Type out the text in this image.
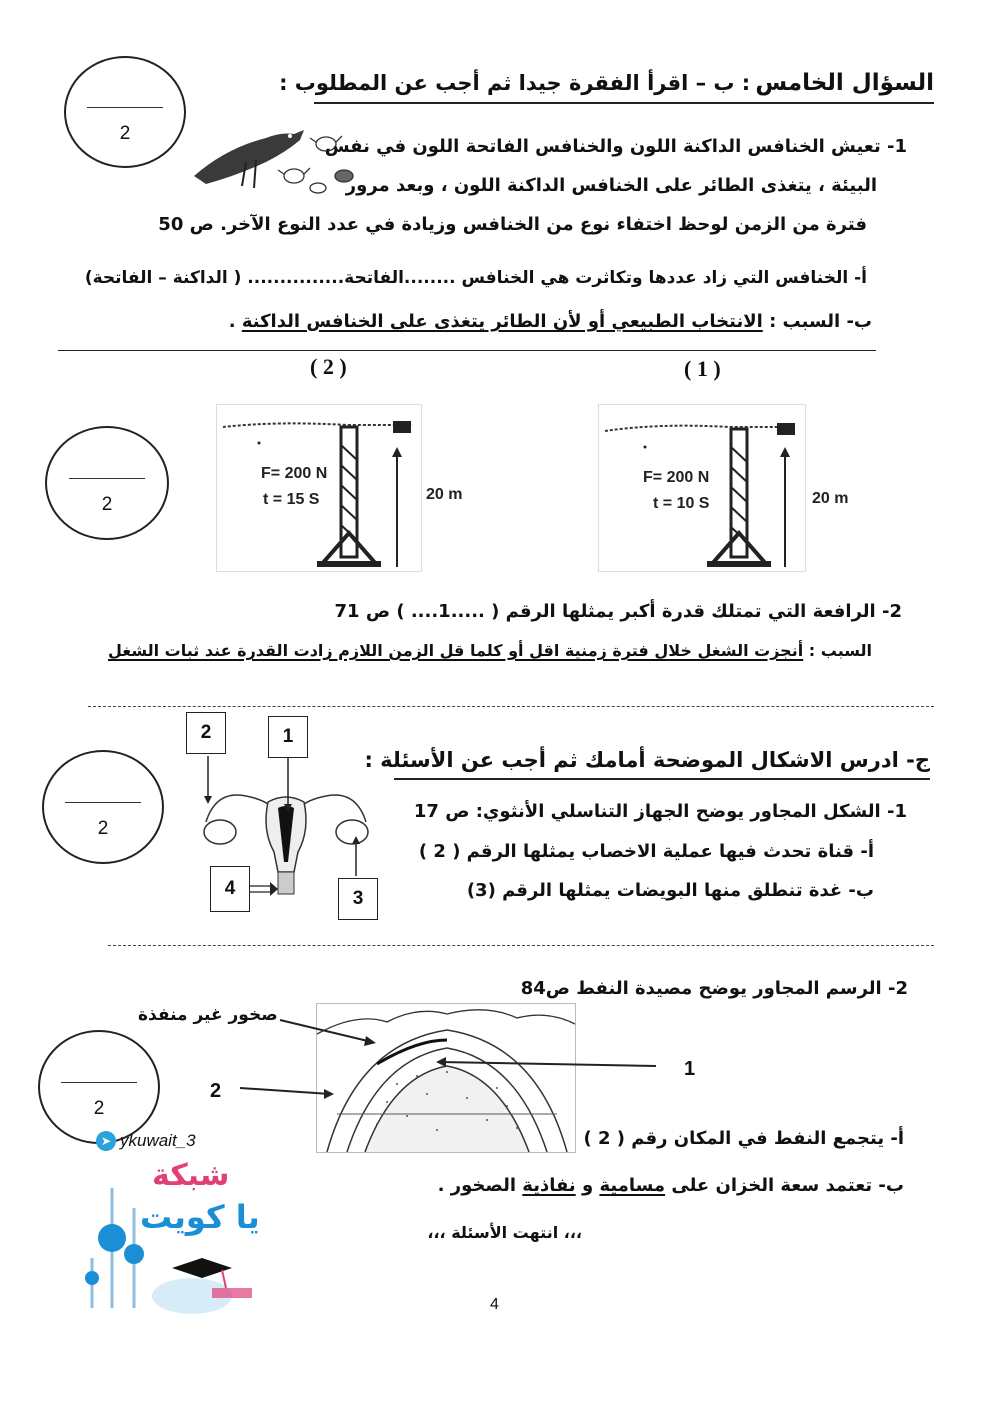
2
2
2
2
السؤال الخامس : ب – اقرأ الفقرة جيدا ثم أجب عن المطلوب :
1- تعيش الخنافس الداكنة اللون والخنافس الفاتحة اللون في نفس
البيئة ، يتغذى الطائر على الخنافس الداكنة اللون ، وبعد مرور
فترة من الزمن لوحظ اختفاء نوع من الخنافس وزيادة في عدد النوع الآخر. ص 50
أ- الخنافس التي زاد عددها وتكاثرت هي الخنافس ........الفاتحة............... ( الداكنة – الفاتحة)
ب- السبب : الانتخاب الطبيعي أو لأن الطائر يتغذى على الخنافس الداكنة .
( 2 )	( 1 )
F= 200 N
t = 15 S	20 m
F= 200 N
t = 10 S	20 m
2- الرافعة التي تمتلك قدرة أكبر يمثلها الرقم ( .....1.... ) ص 71
السبب : أنجزت الشغل خلال فترة زمنية اقل أو كلما قل الزمن اللازم زادت القدرة عند ثبات الشغل
ج- ادرس الاشكال الموضحة أمامك ثم أجب عن الأسئلة :
2	1
4	3
1- الشكل المجاور يوضح الجهاز التناسلي الأنثوي: ص 17
أ- قناة تحدث فيها عملية الاخصاب يمثلها الرقم ( 2 )
ب- غدة تنطلق منها البويضات يمثلها الرقم (3)
2- الرسم المجاور يوضح مصيدة النفط ص84
صخور غير منفذة
2
1
أ- يتجمع النفط في المكان رقم ( 2 )
ب- تعتمد سعة الخزان على مسامية و نفاذية الصخور .
،،، انتهت الأسئلة ،،،
➤ ykuwait_3
شبكة
يا كويت
4
